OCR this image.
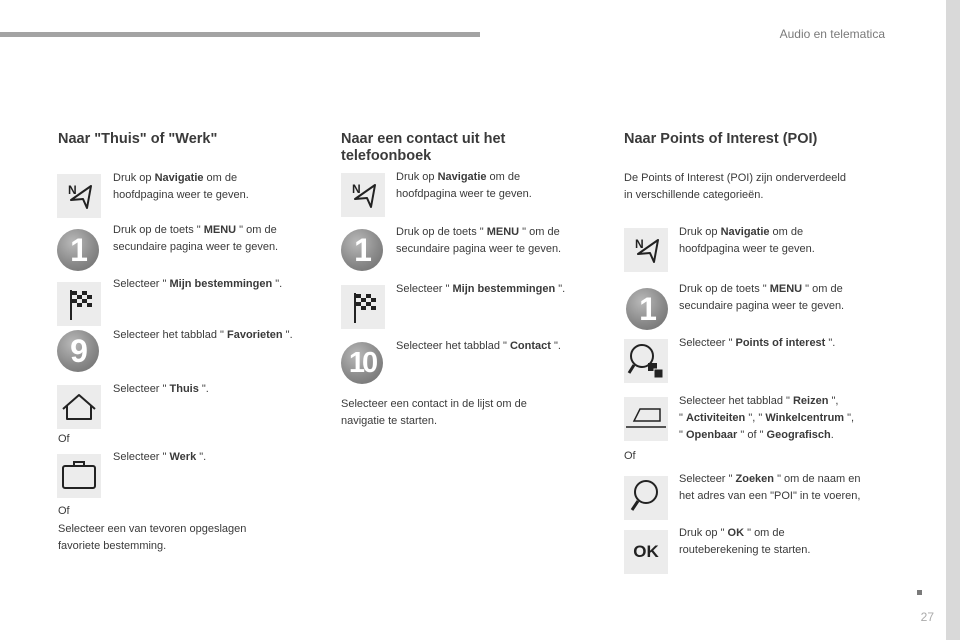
Audio en telematica
27
Naar "Thuis" of "Werk"
N
Druk op Navigatie om de
hoofdpagina weer te geven.
1
Druk op de toets " MENU " om de
secundaire pagina weer te geven.
Selecteer " Mijn bestemmingen ".
9 Selecteer het tabblad " Favorieten ".
Selecteer " Thuis ".
Of
Selecteer " Werk ".
Of
Selecteer een van tevoren opgeslagen
favoriete bestemming.
Naar een contact uit het
telefoonboek
N
Druk op Navigatie om de
hoofdpagina weer te geven.
1 Druk op de toets " MENU " om de
secundaire pagina weer te geven.
Selecteer " Mijn bestemmingen ".
10
Selecteer het tabblad " Contact ".
Selecteer een contact in de lijst om de
navigatie te starten.
Naar Points of Interest (POI)
De Points of Interest (POI) zijn onderverdeeld
in verschillende categorieën.
N
Druk op Navigatie om de
hoofdpagina weer te geven.
1
Druk op de toets " MENU " om de
secundaire pagina weer te geven.
Selecteer " Points of interest ".
Selecteer het tabblad " Reizen ",
" Activiteiten ", " Winkelcentrum ",
" Openbaar " of " Geografisch.
Of
Selecteer " Zoeken " om de naam en
het adres van een "POI" in te voeren,
OK
Druk op " OK " om de
routeberekening te starten.
